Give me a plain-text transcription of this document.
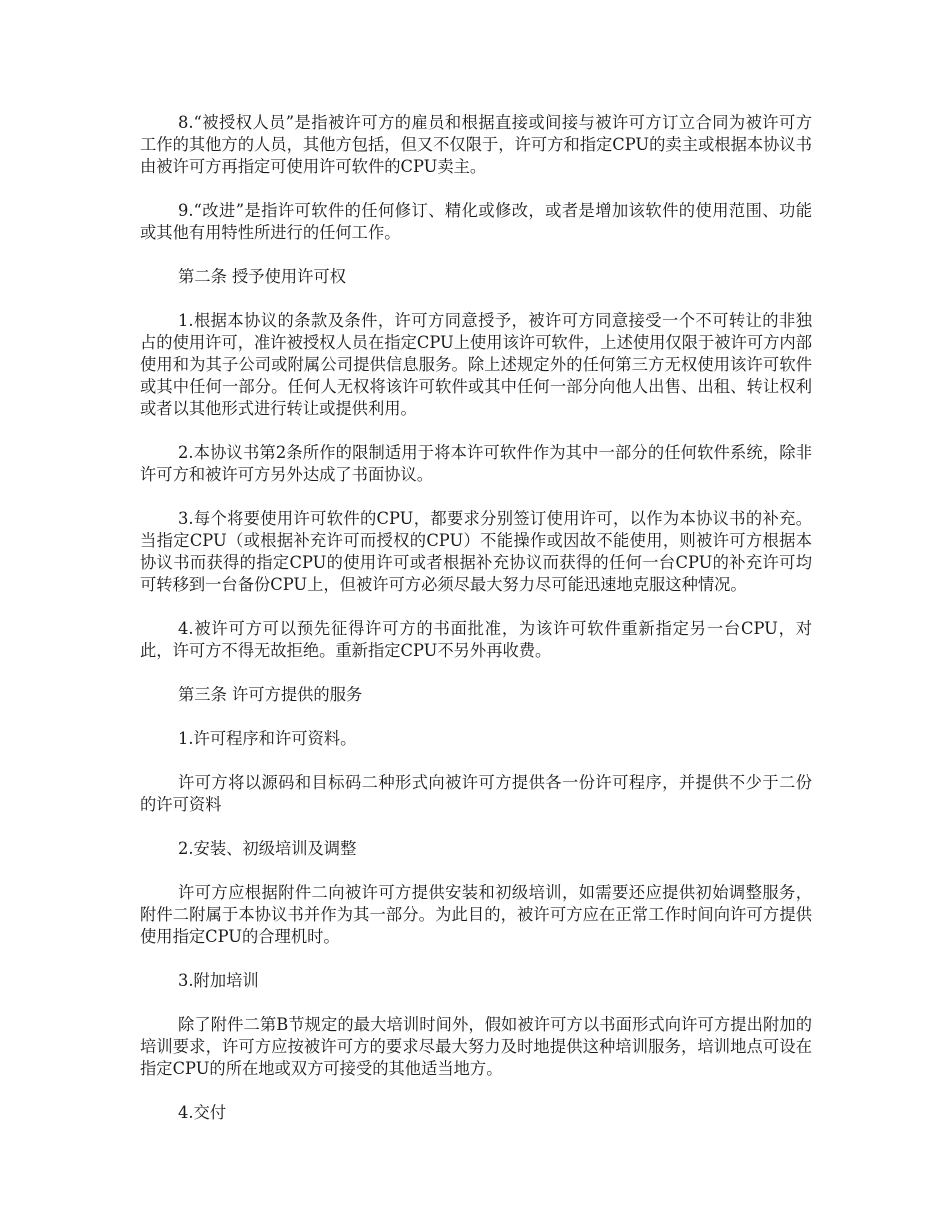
8.“被授权人员”是指被许可方的雇员和根据直接或间接与被许可方订立合同为被许可方工作的其他方的人员，其他方包括，但又不仅限于，许可方和指定CPU的卖主或根据本协议书由被许可方再指定可使用许可软件的CPU卖主。

9.“改进”是指许可软件的任何修订、精化或修改，或者是增加该软件的使用范围、功能或其他有用特性所进行的任何工作。

第二条 授予使用许可权

1.根据本协议的条款及条件，许可方同意授予，被许可方同意接受一个不可转让的非独占的使用许可，准许被授权人员在指定CPU上使用该许可软件，上述使用仅限于被许可方内部使用和为其子公司或附属公司提供信息服务。除上述规定外的任何第三方无权使用该许可软件或其中任何一部分。任何人无权将该许可软件或其中任何一部分向他人出售、出租、转让权利或者以其他形式进行转让或提供利用。

2.本协议书第2条所作的限制适用于将本许可软件作为其中一部分的任何软件系统，除非许可方和被许可方另外达成了书面协议。

3.每个将要使用许可软件的CPU，都要求分别签订使用许可，以作为本协议书的补充。当指定CPU（或根据补充许可而授权的CPU）不能操作或因故不能使用，则被许可方根据本协议书而获得的指定CPU的使用许可或者根据补充协议而获得的任何一台CPU的补充许可均可转移到一台备份CPU上，但被许可方必须尽最大努力尽可能迅速地克服这种情况。

4.被许可方可以预先征得许可方的书面批准，为该许可软件重新指定另一台CPU，对此，许可方不得无故拒绝。重新指定CPU不另外再收费。

第三条 许可方提供的服务

1.许可程序和许可资料。

许可方将以源码和目标码二种形式向被许可方提供各一份许可程序，并提供不少于二份的许可资料

2.安装、初级培训及调整

许可方应根据附件二向被许可方提供安装和初级培训，如需要还应提供初始调整服务，附件二附属于本协议书并作为其一部分。为此目的，被许可方应在正常工作时间向许可方提供使用指定CPU的合理机时。

3.附加培训

除了附件二第B节规定的最大培训时间外，假如被许可方以书面形式向许可方提出附加的培训要求，许可方应按被许可方的要求尽最大努力及时地提供这种培训服务，培训地点可设在指定CPU的所在地或双方可接受的其他适当地方。

4.交付
